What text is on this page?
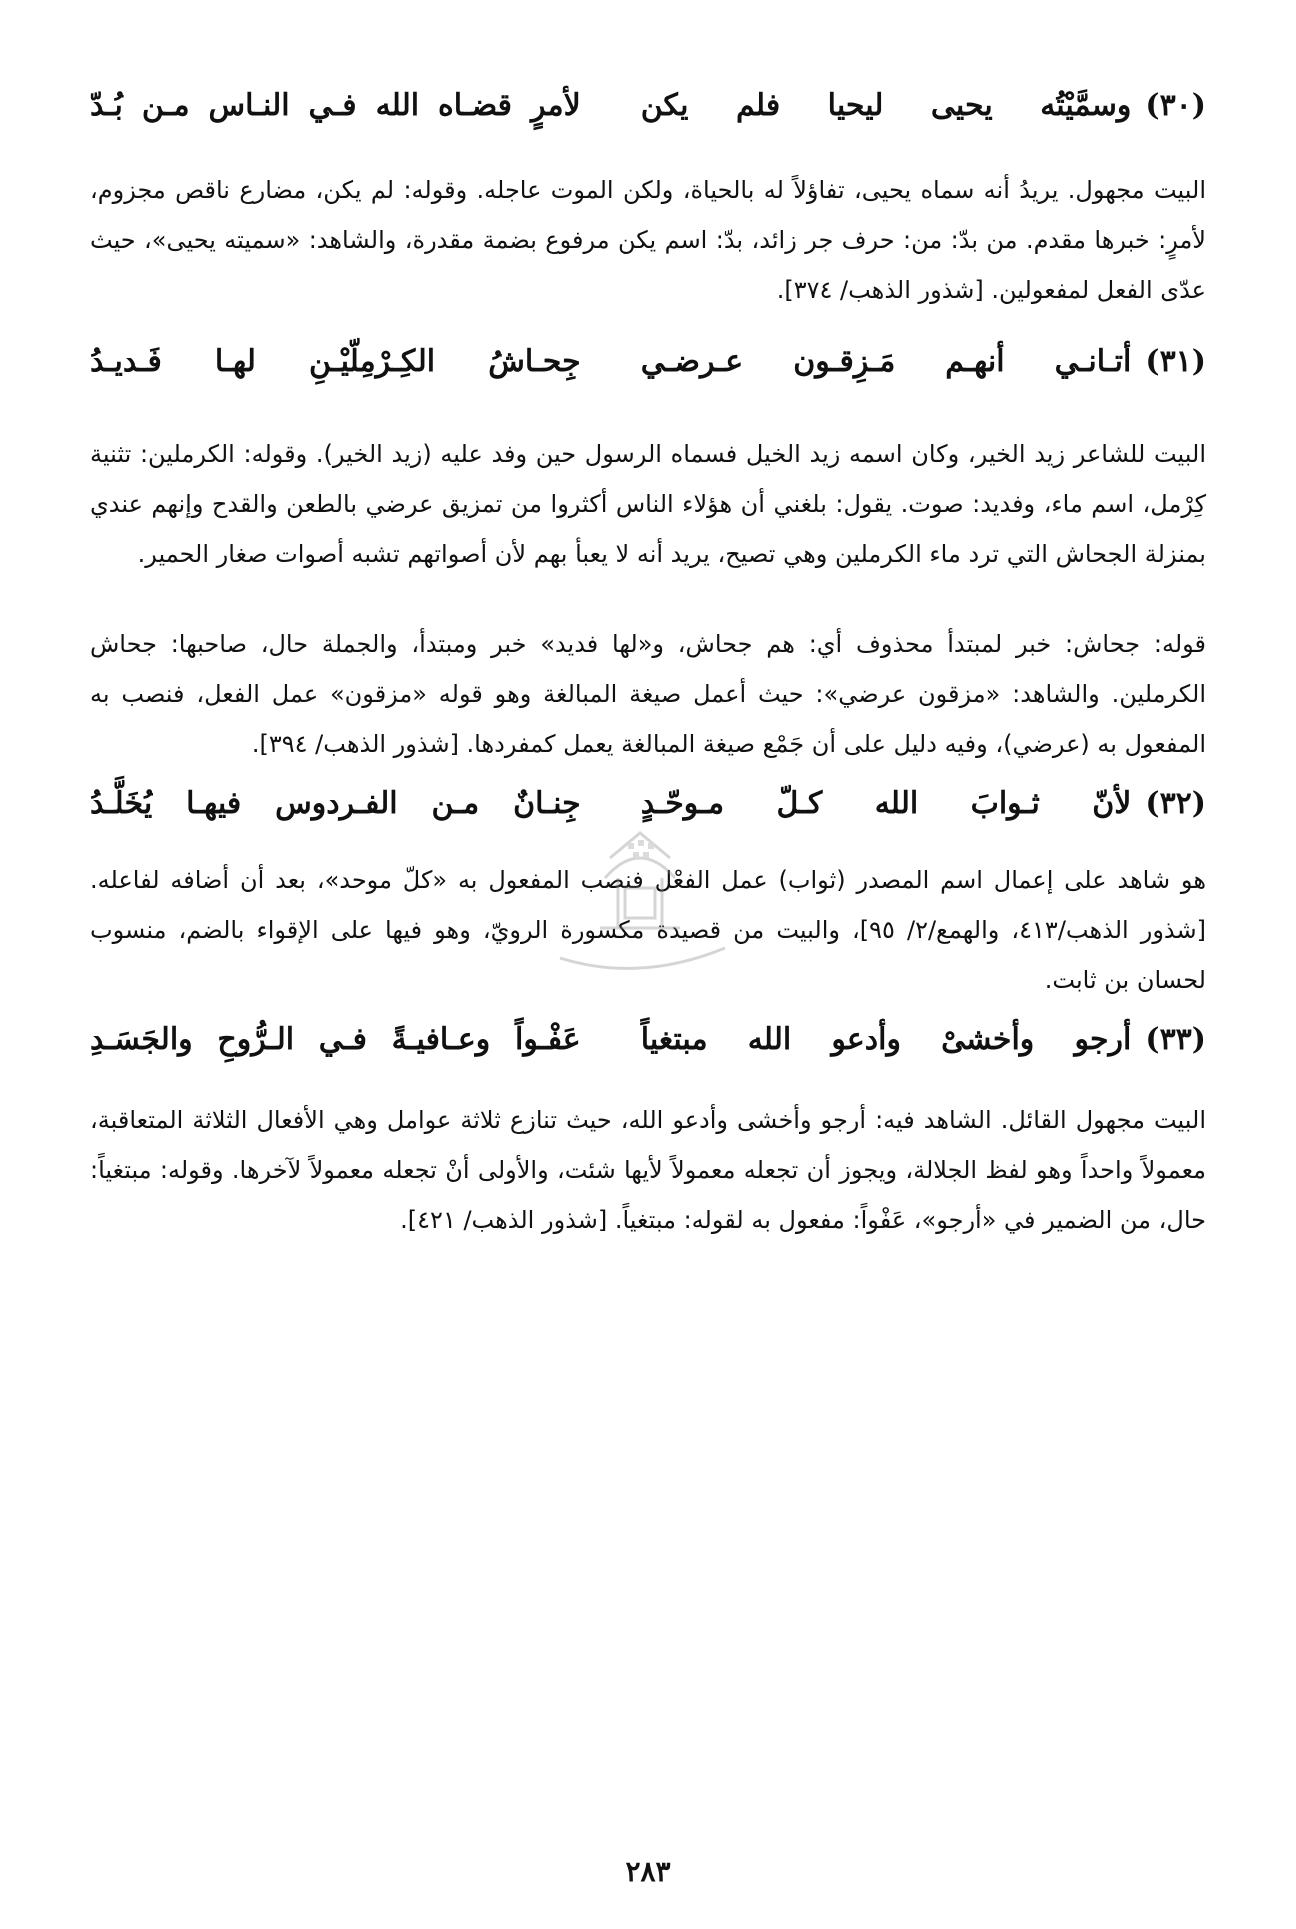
(٣٠)
وسمَّيْتُه يحيى ليحيا فلم يكن
لأمرٍ قضـاه الله فـي النـاس مـن بُـدّ

البيت مجهول. يريدُ أنه سماه يحيى، تفاؤلاً له بالحياة، ولكن الموت عاجله. وقوله: لم يكن، مضارع ناقص مجزوم، لأمرٍ: خبرها مقدم. من بدّ: من: حرف جر زائد، بدّ: اسم يكن مرفوع بضمة مقدرة، والشاهد: «سميته يحيى»، حيث عدّى الفعل لمفعولين. [شذور الذهب/ ٣٧٤].

(٣١)
أتـانـي أنهـم مَـزِقـون عـرضـي
جِحـاشُ الكِـرْمِلّيْـنِ لهـا فَـديـدُ

البيت للشاعر زيد الخير، وكان اسمه زيد الخيل فسماه الرسول حين وفد عليه (زيد الخير). وقوله: الكرملين: تثنية كِرْمل، اسم ماء، وفديد: صوت. يقول: بلغني أن هؤلاء الناس أكثروا من تمزيق عرضي بالطعن والقدح وإنهم عندي بمنزلة الجحاش التي ترد ماء الكرملين وهي تصيح، يريد أنه لا يعبأ بهم لأن أصواتهم تشبه أصوات صغار الحمير.

قوله: جحاش: خبر لمبتدأ محذوف أي: هم جحاش، و«لها فديد» خبر ومبتدأ، والجملة حال، صاحبها: جحاش الكرملين. والشاهد: «مزقون عرضي»: حيث أعمل صيغة المبالغة وهو قوله «مزقون» عمل الفعل، فنصب به المفعول به (عرضي)، وفيه دليل على أن جَمْع صيغة المبالغة يعمل كمفردها. [شذور الذهب/ ٣٩٤].

(٣٢)
لأنّ ثـوابَ الله كـلّ مـوحّـدٍ
جِنـانٌ مـن الفـردوس فيهـا يُخَلَّـدُ

هو شاهد على إعمال اسم المصدر (ثواب) عمل الفعْل فنصب المفعول به «كلّ موحد»، بعد أن أضافه لفاعله. [شذور الذهب/٤١٣، والهمع/٢/ ٩٥]، والبيت من قصيدة مكسورة الرويّ، وهو فيها على الإقواء بالضم، منسوب لحسان بن ثابت.

(٣٣)
أرجو وأخشىْ وأدعو الله مبتغياً
عَفْـواً وعـافيـةً فـي الـرُّوحِ والجَسَـدِ

البيت مجهول القائل. الشاهد فيه: أرجو وأخشى وأدعو الله، حيث تنازع ثلاثة عوامل وهي الأفعال الثلاثة المتعاقبة، معمولاً واحداً وهو لفظ الجلالة، ويجوز أن تجعله معمولاً لأيها شئت، والأولى أنْ تجعله معمولاً لآخرها. وقوله: مبتغياً: حال، من الضمير في «أرجو»، عَفْواً: مفعول به لقوله: مبتغياً. [شذور الذهب/ ٤٢١].

٢٨٣
